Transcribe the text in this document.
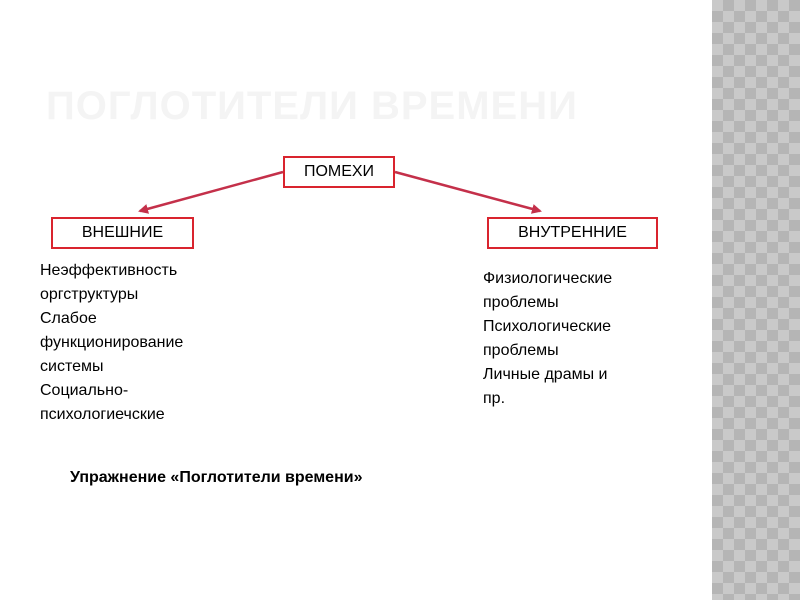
ПОГЛОТИТЕЛИ ВРЕМЕНИ
ПОМЕХИ
ВНЕШНИЕ	ВНУТРЕННИЕ
Неэффективность
оргструктуры
Слабое
функционирование
системы
Социально-
психологиечские
Физиологические
проблемы
Психологические
проблемы
Личные драмы и
пр.
Упражнение «Поглотители времени»
